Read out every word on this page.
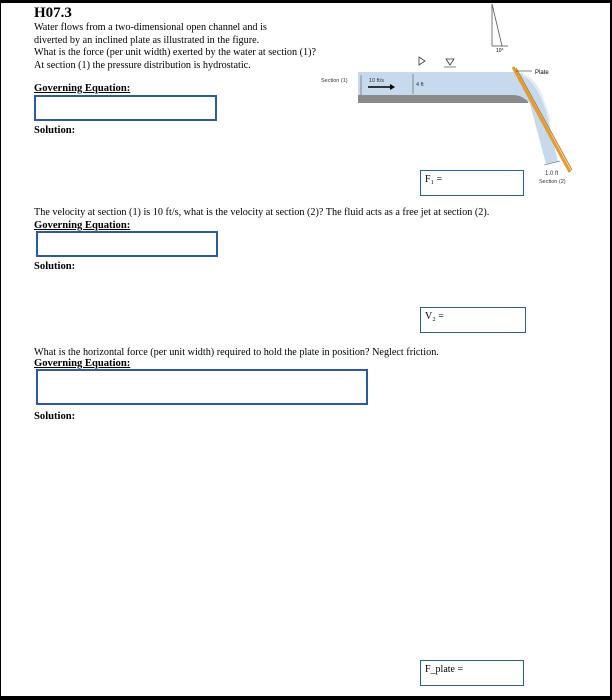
H07.3
Water flows from a two-dimensional open channel and is
diverted by an inclined plate as illustrated in the figure.
What is the force (per unit width) exerted by the water at section (1)?
At section (1) the pressure distribution is hydrostatic.
10°
Plate
Section (1)	10 ft/s
4 ft
1.0 ft
Section (2)
Governing Equation:
Solution:
F₁ =
The velocity at section (1) is 10 ft/s, what is the velocity at section (2)? The fluid acts as a free jet at section (2).
Governing Equation:
Solution:
V₂ =
What is the horizontal force (per unit width) required to hold the plate in position? Neglect friction.
Governing Equation:
Solution:
F_plate =
